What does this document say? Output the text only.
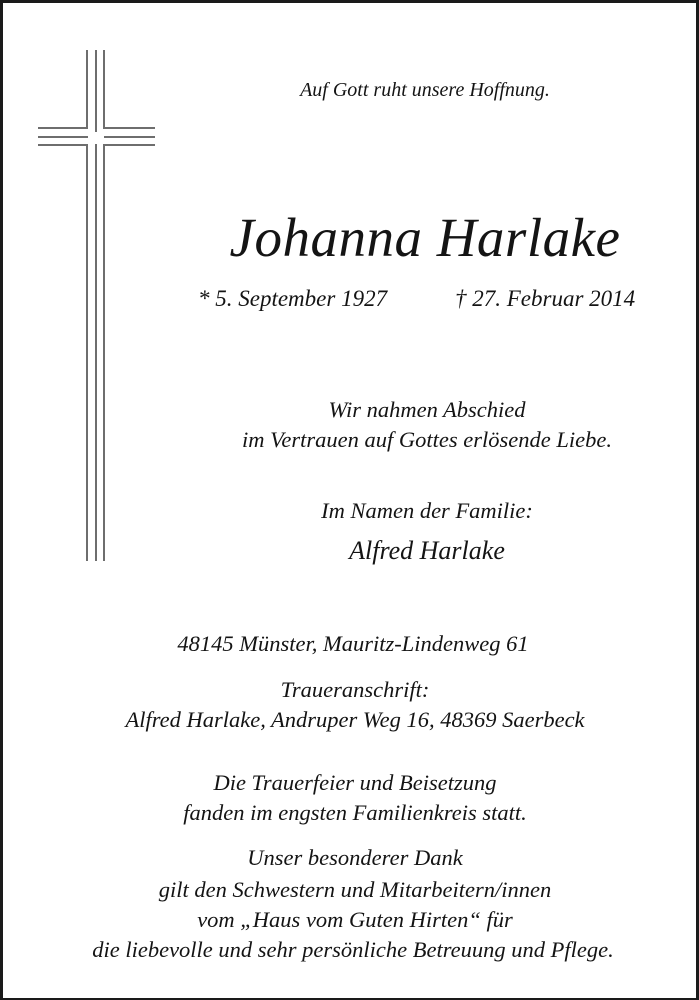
Auf Gott ruht unsere Hoffnung.
Johanna Harlake
* 5. September 1927	† 27. Februar 2014
Wir nahmen Abschied
im Vertrauen auf Gottes erlösende Liebe.
Im Namen der Familie:
Alfred Harlake
48145 Münster, Mauritz-Lindenweg 61
Traueranschrift:
Alfred Harlake, Andruper Weg 16, 48369 Saerbeck
Die Trauerfeier und Beisetzung
fanden im engsten Familienkreis statt.
Unser besonderer Dank
gilt den Schwestern und Mitarbeitern/innen
vom „Haus vom Guten Hirten“ für
die liebevolle und sehr persönliche Betreuung und Pflege.
